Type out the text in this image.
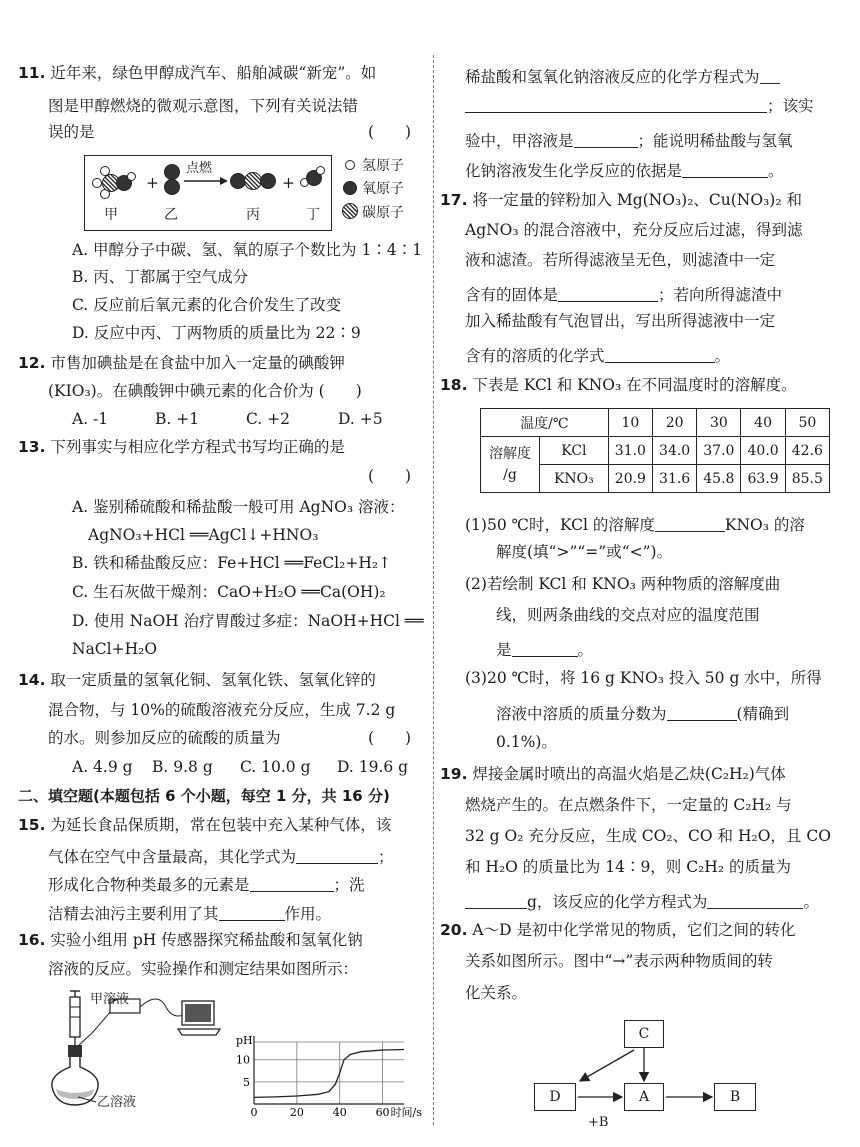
11. 近年来，绿色甲醇成汽车、船舶减碳“新宠”。如
图是甲醇燃烧的微观示意图，下列有关说法错
误的是	(　　)
+
点燃
+
甲	乙	丙	丁
氢原子
氧原子
碳原子
A. 甲醇分子中碳、氢、氧的原子个数比为 1∶4∶1
B. 丙、丁都属于空气成分
C. 反应前后氧元素的化合价发生了改变
D. 反应中丙、丁两物质的质量比为 22∶9
12. 市售加碘盐是在食盐中加入一定量的碘酸钾
(KIO₃)。在碘酸钾中碘元素的化合价为 (　　)
A. -1	B. +1	C. +2	D. +5
13. 下列事实与相应化学方程式书写均正确的是
(　　)
A. 鉴别稀硫酸和稀盐酸一般可用 AgNO₃ 溶液：
AgNO₃+HCl ══AgCl↓+HNO₃
B. 铁和稀盐酸反应：Fe+HCl ══FeCl₂+H₂↑
C. 生石灰做干燥剂：CaO+H₂O ══Ca(OH)₂
D. 使用 NaOH 治疗胃酸过多症：NaOH+HCl ══
NaCl+H₂O
14. 取一定质量的氢氧化铜、氢氧化铁、氢氧化锌的
混合物，与 10%的硫酸溶液充分反应，生成 7.2 g
的水。则参加反应的硫酸的质量为	(　　)
A. 4.9 g B. 9.8 g C. 10.0 g D. 19.6 g
二、填空题(本题包括 6 个小题，每空 1 分，共 16 分)
15. 为延长食品保质期，常在包装中充入某种气体，该
气体在空气中含量最高，其化学式为	；
形成化合物种类最多的元素是	；洗
洁精去油污主要利用了其	作用。
16. 实验小组用 pH 传感器探究稀盐酸和氢氧化钠
溶液的反应。实验操作和测定结果如图所示：
甲溶液
乙溶液
10
5
pH
0	20	40	60 时间/s
稀盐酸和氢氧化钠溶液反应的化学方程式为
；该实
验中，甲溶液是	；能说明稀盐酸与氢氧
化钠溶液发生化学反应的依据是	。
17. 将一定量的锌粉加入 Mg(NO₃)₂、Cu(NO₃)₂ 和
AgNO₃ 的混合溶液中，充分反应后过滤，得到滤
液和滤渣。若所得滤液呈无色，则滤渣中一定
含有的固体是	；若向所得滤渣中
加入稀盐酸有气泡冒出，写出所得滤液中一定
含有的溶质的化学式	。
18. 下表是 KCl 和 KNO₃ 在不同温度时的溶解度。
温度/℃		10	20	30	40	50
溶解度
/g	KCl	31.0	34.0	37.0	40.0	42.6
	KNO₃	20.9	31.6	45.8	63.9	85.5
(1)50 ℃时，KCl 的溶解度	KNO₃ 的溶
解度(填“>”“=”或“<”)。
(2)若绘制 KCl 和 KNO₃ 两种物质的溶解度曲
线，则两条曲线的交点对应的温度范围
是	。
(3)20 ℃时，将 16 g KNO₃ 投入 50 g 水中，所得
溶液中溶质的质量分数为	(精确到
0.1%)。
19. 焊接金属时喷出的高温火焰是乙炔(C₂H₂)气体
燃烧产生的。在点燃条件下，一定量的 C₂H₂ 与
32 g O₂ 充分反应，生成 CO₂、CO 和 H₂O，且 CO
和 H₂O 的质量比为 14∶9，则 C₂H₂ 的质量为
g，该反应的化学方程式为	。
20. A～D 是初中化学常见的物质，它们之间的转化
关系如图所示。图中“→”表示两种物质间的转
化关系。
C
D	A	B
+B
